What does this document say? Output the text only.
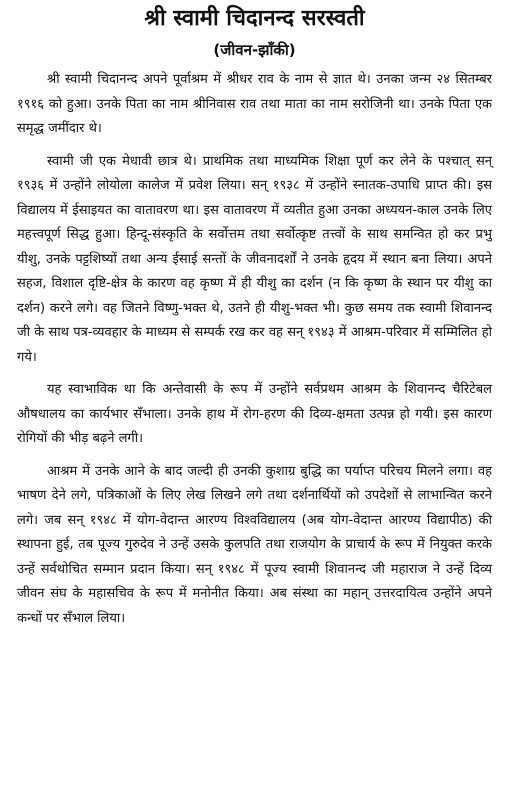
श्री स्वामी चिदानन्द सरस्वती
(जीवन-झाँकी)

श्री स्वामी चिदानन्द अपने पूर्वाश्रम में श्रीधर राव के नाम से ज्ञात थे। उनका जन्म २४ सितम्बर १९१६ को हुआ। उनके पिता का नाम श्रीनिवास राव तथा माता का नाम सरोजिनी था। उनके पिता एक समृद्ध जमींदार थे।

स्वामी जी एक मेधावी छात्र थे। प्राथमिक तथा माध्यमिक शिक्षा पूर्ण कर लेने के पश्चात् सन् १९३६ में उन्होंने लोयोला कालेज में प्रवेश लिया। सन् १९३८ में उन्होंने स्नातक-उपाधि प्राप्त की। इस विद्यालय में ईसाइयत का वातावरण था। इस वातावरण में व्यतीत हुआ उनका अध्ययन-काल उनके लिए महत्त्वपूर्ण सिद्ध हुआ। हिन्दू-संस्कृति के सर्वोत्तम तथा सर्वोत्कृष्ट तत्त्वों के साथ समन्वित हो कर प्रभु यीशु, उनके पट्टशिष्यों तथा अन्य ईसाई सन्तों के जीवनादर्शों ने उनके हृदय में स्थान बना लिया। अपने सहज, विशाल दृष्टि-क्षेत्र के कारण वह कृष्ण में ही यीशु का दर्शन (न कि कृष्ण के स्थान पर यीशु का दर्शन) करने लगे। वह जितने विष्णु-भक्त थे, उतने ही यीशु-भक्त भी। कुछ समय तक स्वामी शिवानन्द जी के साथ पत्र-व्यवहार के माध्यम से सम्पर्क रख कर वह सन् १९४३ में आश्रम-परिवार में सम्मिलित हो गये।

यह स्वाभाविक था कि अन्तेवासी के रूप में उन्होंने सर्वप्रथम आश्रम के शिवानन्द चैरिटेबल औषधालय का कार्यभार सँभाला। उनके हाथ में रोग-हरण की दिव्य-क्षमता उत्पन्न हो गयी। इस कारण रोगियों की भीड़ बढ़ने लगी।

आश्रम में उनके आने के बाद जल्दी ही उनकी कुशाग्र बुद्धि का पर्याप्त परिचय मिलने लगा। वह भाषण देने लगे, पत्रिकाओं के लिए लेख लिखने लगे तथा दर्शनार्थियों को उपदेशों से लाभान्वित करने लगे। जब सन् १९४८ में योग-वेदान्त आरण्य विश्वविद्यालय (अब योग-वेदान्त आरण्य विद्यापीठ) की स्थापना हुई, तब पूज्य गुरुदेव ने उन्हें उसके कुलपति तथा राजयोग के प्राचार्य के रूप में नियुक्त करके उन्हें सर्वथोचित सम्मान प्रदान किया। सन् १९४८ में पूज्य स्वामी शिवानन्द जी महाराज ने उन्हें दिव्य जीवन संघ के महासचिव के रूप में मनोनीत किया। अब संस्था का महान् उत्तरदायित्व उन्होंने अपने कन्धों पर सँभाल लिया।
